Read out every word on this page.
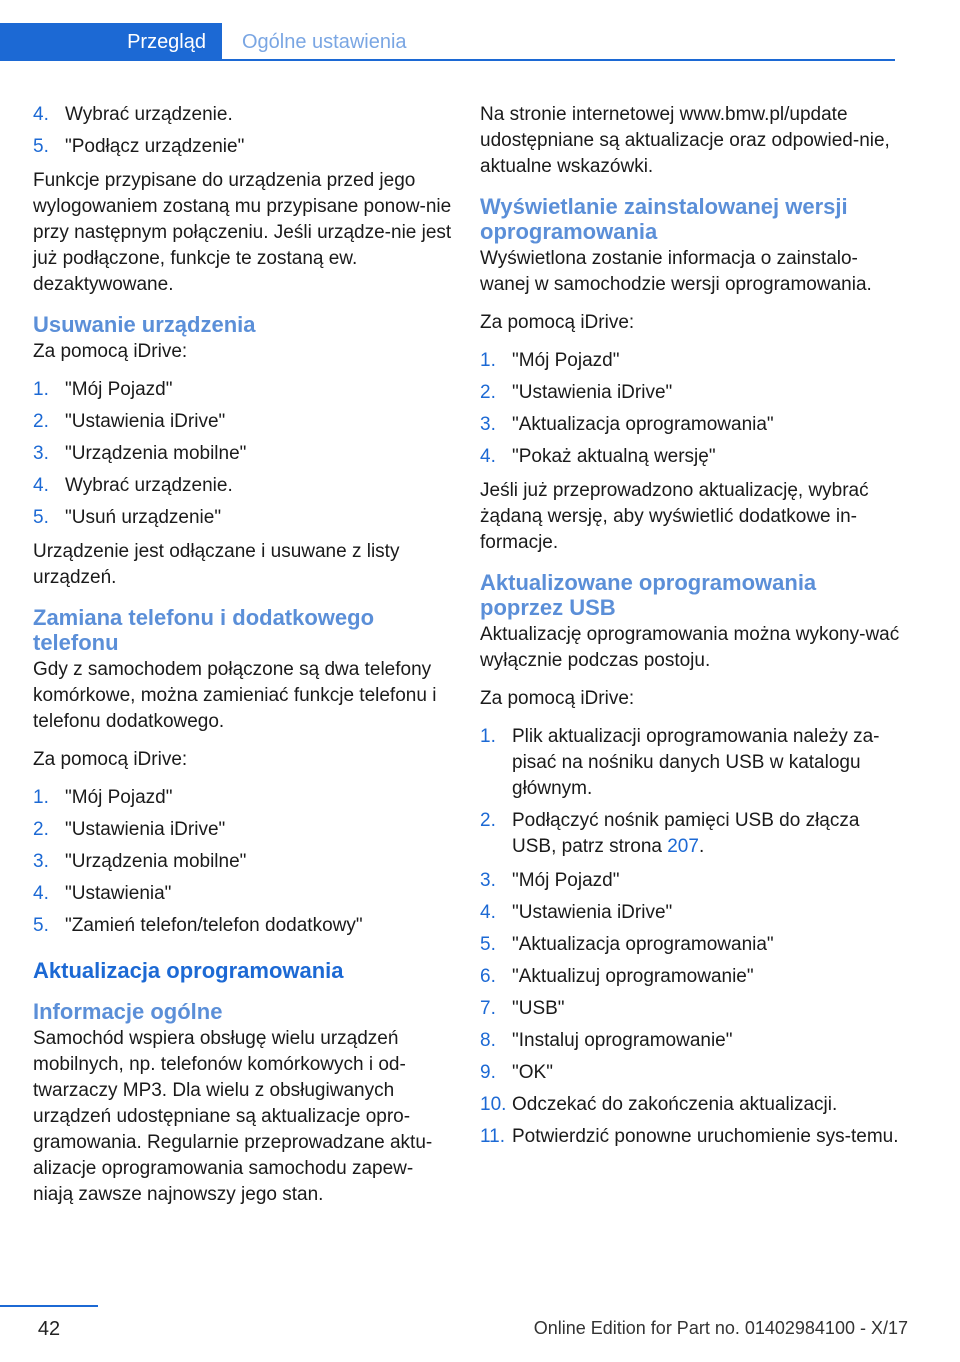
Przegląd	Ogólne ustawienia
4. Wybrać urządzenie.
5. "Podłącz urządzenie"

Funkcje przypisane do urządzenia przed jego wylogowaniem zostaną mu przypisane ponow‐nie przy następnym połączeniu. Jeśli urządze‐nie jest już podłączone, funkcje te zostaną ew. dezaktywowane.

Usuwanie urządzenia

Za pomocą iDrive:

1. "Mój Pojazd"
2. "Ustawienia iDrive"
3. "Urządzenia mobilne"
4. Wybrać urządzenie.
5. "Usuń urządzenie"

Urządzenie jest odłączane i usuwane z listy urządzeń.

Zamiana telefonu i dodatkowego telefonu

Gdy z samochodem połączone są dwa telefony komórkowe, można zamieniać funkcje telefonu i telefonu dodatkowego.

Za pomocą iDrive:

1. "Mój Pojazd"
2. "Ustawienia iDrive"
3. "Urządzenia mobilne"
4. "Ustawienia"
5. "Zamień telefon/telefon dodatkowy"
Aktualizacja oprogramowania
Informacje ogólne

Samochód wspiera obsługę wielu urządzeń mobilnych, np. telefonów komórkowych i od‐twarzaczy MP3. Dla wielu z obsługiwanych urządzeń udostępniane są aktualizacje opro‐gramowania. Regularnie przeprowadzane aktu‐alizacje oprogramowania samochodu zapew‐niają zawsze najnowszy jego stan.

Na stronie internetowej www.bmw.pl/update udostępniane są aktualizacje oraz odpowied‐nie, aktualne wskazówki.

Wyświetlanie zainstalowanej wersji oprogramowania

Wyświetlona zostanie informacja o zainstalo‐wanej w samochodzie wersji oprogramowania.

Za pomocą iDrive:

1. "Mój Pojazd"
2. "Ustawienia iDrive"
3. "Aktualizacja oprogramowania"
4. "Pokaż aktualną wersję"

Jeśli już przeprowadzono aktualizację, wybrać żądaną wersję, aby wyświetlić dodatkowe in‐formacje.

Aktualizowane oprogramowania poprzez USB

Aktualizację oprogramowania można wykony‐wać wyłącznie podczas postoju.

Za pomocą iDrive:

1. Plik aktualizacji oprogramowania należy za‐pisać na nośniku danych USB w katalogu głównym.
2. Podłączyć nośnik pamięci USB do złącza USB, patrz strona 207.
3. "Mój Pojazd"
4. "Ustawienia iDrive"
5. "Aktualizacja oprogramowania"
6. "Aktualizuj oprogramowanie"
7. "USB"
8. "Instaluj oprogramowanie"
9. "OK"
10. Odczekać do zakończenia aktualizacji.
11. Potwierdzić ponowne uruchomienie sys‐temu.
42	Online Edition for Part no. 01402984100 - X/17
